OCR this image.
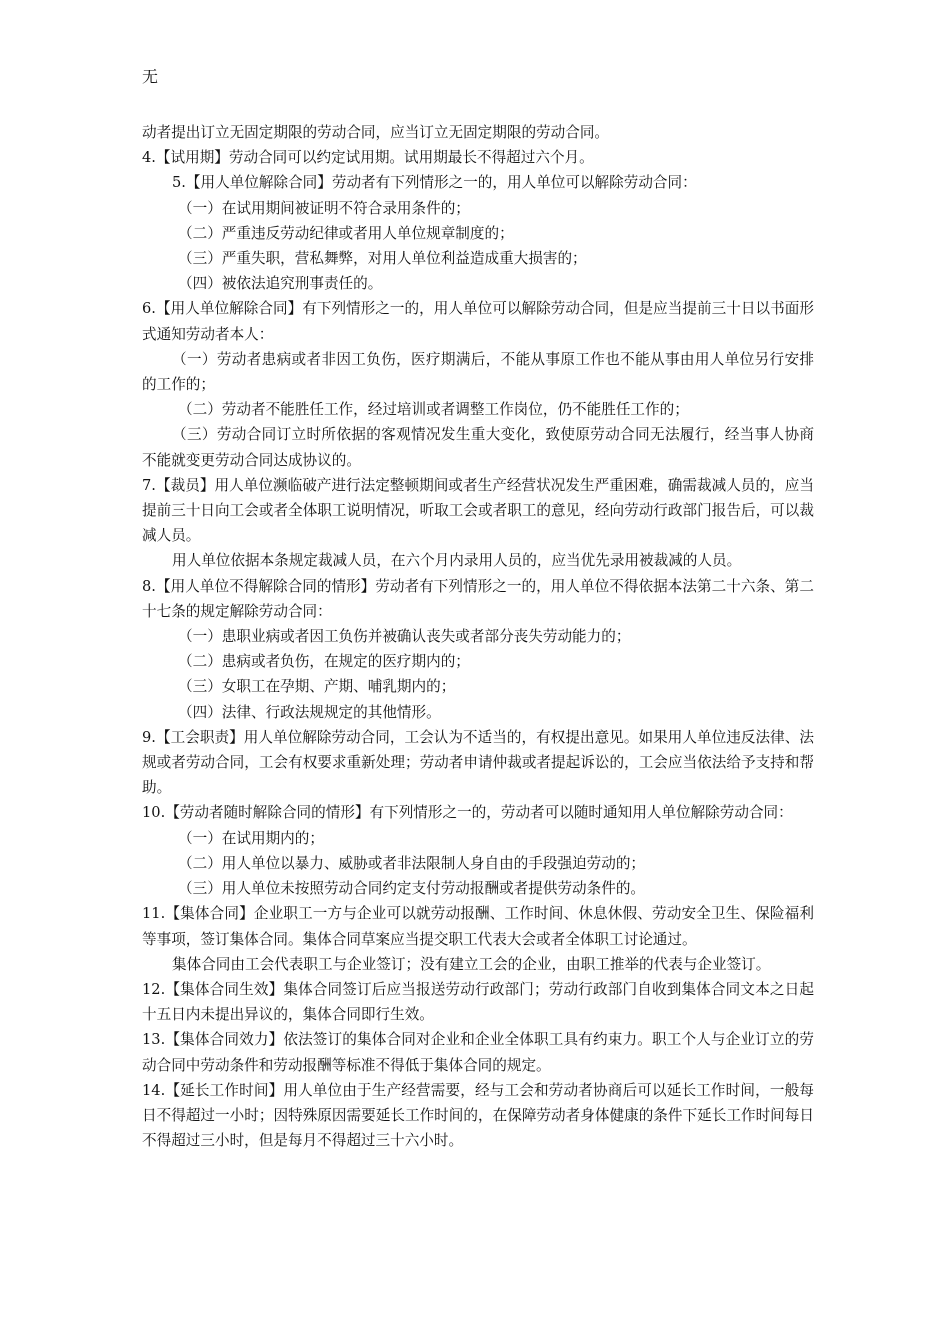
无

动者提出订立无固定期限的劳动合同，应当订立无固定期限的劳动合同。

4.【试用期】劳动合同可以约定试用期。试用期最长不得超过六个月。

5.【用人单位解除合同】劳动者有下列情形之一的，用人单位可以解除劳动合同：

（一）在试用期间被证明不符合录用条件的；

（二）严重违反劳动纪律或者用人单位规章制度的；

（三）严重失职，营私舞弊，对用人单位利益造成重大损害的；

（四）被依法追究刑事责任的。

6.【用人单位解除合同】有下列情形之一的，用人单位可以解除劳动合同，但是应当提前三十日以书面形式通知劳动者本人：

（一）劳动者患病或者非因工负伤，医疗期满后，不能从事原工作也不能从事由用人单位另行安排的工作的；

（二）劳动者不能胜任工作，经过培训或者调整工作岗位，仍不能胜任工作的；

（三）劳动合同订立时所依据的客观情况发生重大变化，致使原劳动合同无法履行，经当事人协商不能就变更劳动合同达成协议的。

7.【裁员】用人单位濒临破产进行法定整顿期间或者生产经营状况发生严重困难，确需裁减人员的，应当提前三十日向工会或者全体职工说明情况，听取工会或者职工的意见，经向劳动行政部门报告后，可以裁减人员。

用人单位依据本条规定裁减人员，在六个月内录用人员的，应当优先录用被裁减的人员。

8.【用人单位不得解除合同的情形】劳动者有下列情形之一的，用人单位不得依据本法第二十六条、第二十七条的规定解除劳动合同：

（一）患职业病或者因工负伤并被确认丧失或者部分丧失劳动能力的；

（二）患病或者负伤，在规定的医疗期内的；

（三）女职工在孕期、产期、哺乳期内的；

（四）法律、行政法规规定的其他情形。

9.【工会职责】用人单位解除劳动合同，工会认为不适当的，有权提出意见。如果用人单位违反法律、法规或者劳动合同，工会有权要求重新处理；劳动者申请仲裁或者提起诉讼的，工会应当依法给予支持和帮助。

10.【劳动者随时解除合同的情形】有下列情形之一的，劳动者可以随时通知用人单位解除劳动合同：

（一）在试用期内的；

（二）用人单位以暴力、威胁或者非法限制人身自由的手段强迫劳动的；

（三）用人单位未按照劳动合同约定支付劳动报酬或者提供劳动条件的。

11.【集体合同】企业职工一方与企业可以就劳动报酬、工作时间、休息休假、劳动安全卫生、保险福利等事项，签订集体合同。集体合同草案应当提交职工代表大会或者全体职工讨论通过。

集体合同由工会代表职工与企业签订；没有建立工会的企业，由职工推举的代表与企业签订。

12.【集体合同生效】集体合同签订后应当报送劳动行政部门；劳动行政部门自收到集体合同文本之日起十五日内未提出异议的，集体合同即行生效。

13.【集体合同效力】依法签订的集体合同对企业和企业全体职工具有约束力。职工个人与企业订立的劳动合同中劳动条件和劳动报酬等标准不得低于集体合同的规定。

14.【延长工作时间】用人单位由于生产经营需要，经与工会和劳动者协商后可以延长工作时间，一般每日不得超过一小时；因特殊原因需要延长工作时间的，在保障劳动者身体健康的条件下延长工作时间每日不得超过三小时，但是每月不得超过三十六小时。
